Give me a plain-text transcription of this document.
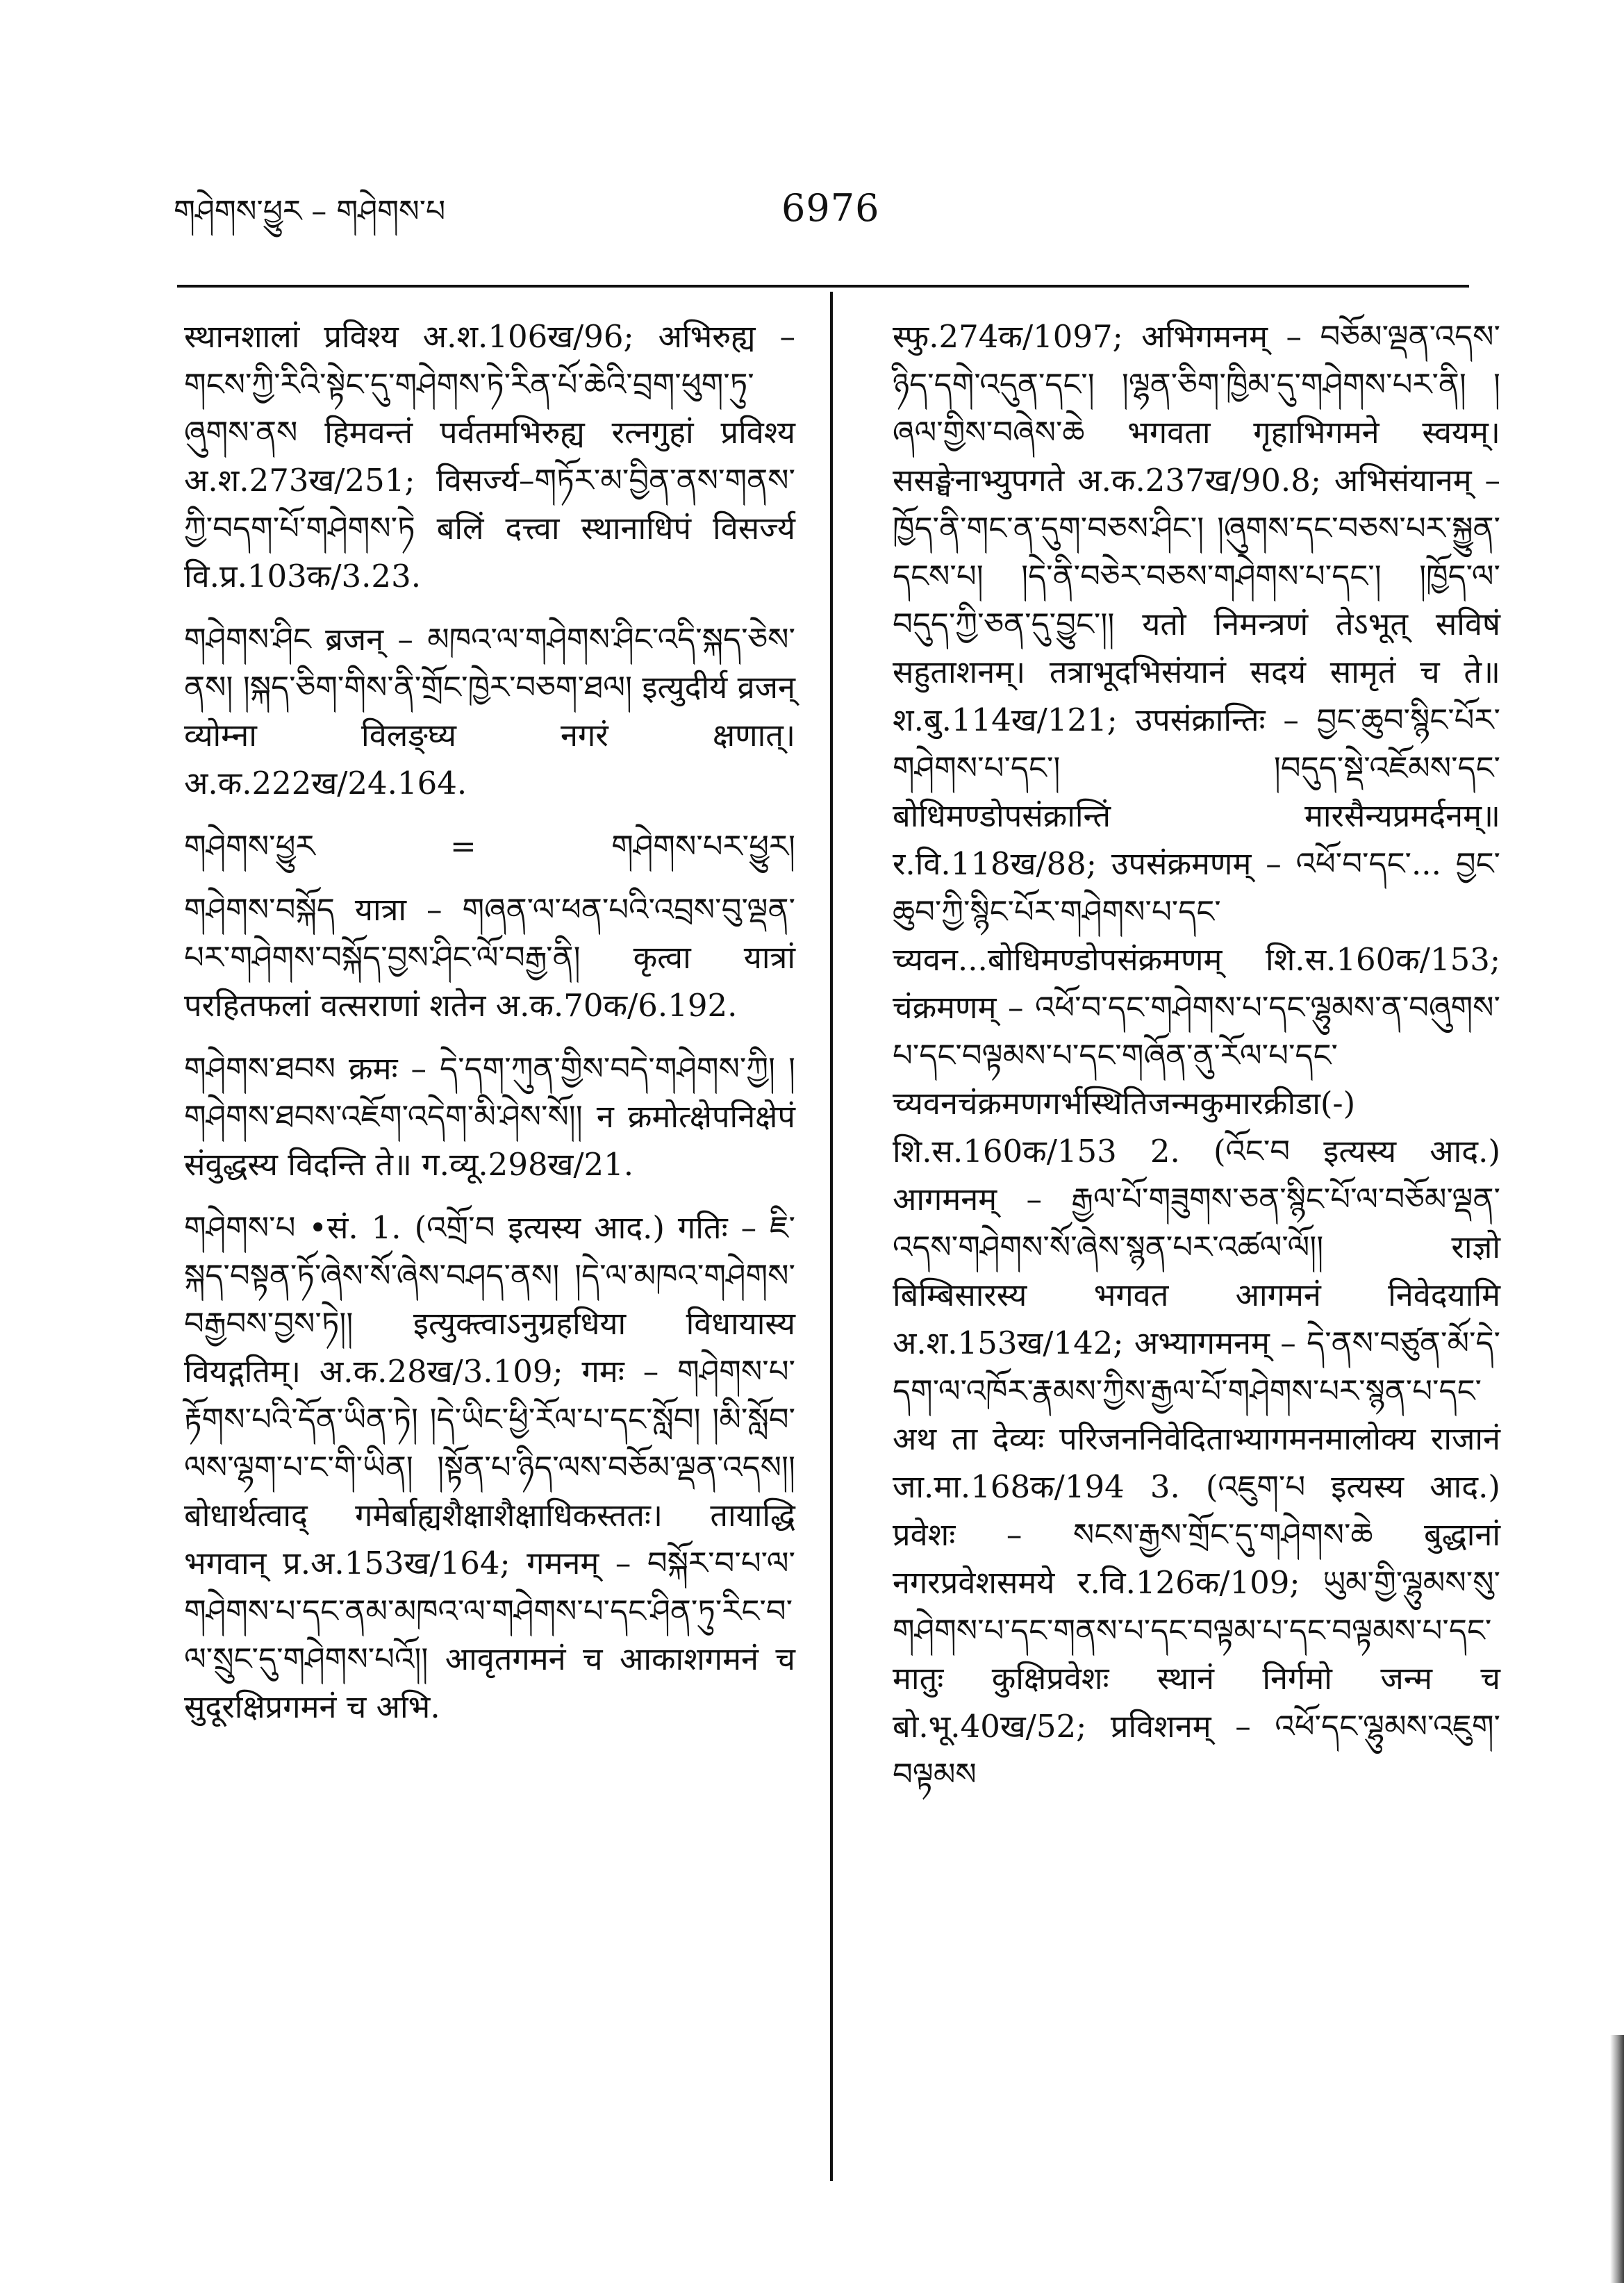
གཤེགས་ཕྱུར – གཤེགས་པ	6976

स्थानशालां प्रविश्य अ.श.106ख/96; अभिरुह्य – གངས་ཀྱི་རིའི་སྟེང་དུ་གཤེགས་ཏེ་རིན་པོ་ཆེའི་བྲག་ཕུག་ཏུ་ཞུགས་ནས हिमवन्तं पर्वतमभिरुह्य रत्नगुहां प्रविश्य अ.श.273ख/251; विसर्ज्य–གཏོར་མ་བྱིན་ནས་གནས་ཀྱི་བདག་པོ་གཤེགས་ཏེ बलिं दत्त्वा स्थानाधिपं विसर्ज्य वि.प्र.103क/3.23.

གཤེགས་ཤིང ब्रजन् – མཁའ་ལ་གཤེགས་ཤིང་འདི་སྐད་ཅེས་ནས། །སྐད་ཅིག་གིས་ནི་གྲོང་ཁྱེར་བཅག་ཐལ། इत्युदीर्य व्रजन् व्योम्ना विलङ्घ्य नगरं क्षणात्। अ.क.222ख/24.164.

གཤེགས་ཕྱུར	=	གཤེགས་པར་ཕྱུར།

གཤེགས་བསྐོད यात्रा – གཞན་ལ་ཕན་པའི་འབྲས་བུ་ལྡན་པར་གཤེགས་བསྐོད་བྱས་ཤིང་ལོ་བརྒྱ་ནི། कृत्वा यात्रां परहितफलां वत्सराणां शतेन अ.क.70क/6.192.

གཤེགས་ཐབས क्रमः – དེ་དག་ཀུན་གྱིས་བདེ་གཤེགས་ཀྱི། །གཤེགས་ཐབས་འཇོག་འདེག་མི་ཤེས་སོ།། न क्रमोत्क्षेपनिक्षेपं संवुद्धस्य विदन्ति ते॥ ग.व्यू.298ख/21.

གཤེགས་པ •सं. 1. (འགྲོ་བ इत्यस्य आद.) गतिः – ཇི་སྐད་བསྟན་ཏོ་ཞེས་སོ་ཞེས་བཤད་ནས། །དེ་ལ་མཁའ་གཤེགས་བརྒྱབས་བྱས་ཏེ།། इत्युक्त्वाऽनुग्रहधिया विधायास्य वियद्गतिम्। अ.क.28ख/3.109; गमः – གཤེགས་པ་རྟོགས་པའི་དོན་ཡིན་ཏེ། །དེ་ཡིང་ཕྱི་རོལ་པ་དང་སློབ། །མི་སློབ་ལས་ལྷག་པ་ང་གི་ཡིན། །སྟོན་པ་ཉིད་ལས་བཅོམ་ལྡན་འདས།། बोधार्थत्वाद् गमेर्बाह्यशैक्षाशैक्षाधिकस्ततः। तायाद्धि भगवान् प्र.अ.153ख/164; गमनम् – བསྐོར་བ་པ་ལ་གཤེགས་པ་དང་ནམ་མཁའ་ལ་གཤེགས་པ་དང་ཤིན་ཏུ་རིང་བ་ལ་སྲུང་དུ་གཤེགས་པའོ།། आवृतगमनं च आकाशगमनं च सुदूरक्षिप्रगमनं च अभि.

स्फु.274क/1097; अभिगमनम् – བཅོམ་ལྡན་འདས་ཉིད་དགེ་འདུན་དང་། །ལྷན་ཅིག་ཁྱིམ་དུ་གཤེགས་པར་ནི། །ཞལ་གྱིས་བཞེས་ཆེ भगवता गृहाभिगमने स्वयम्। ससङ्घेनाभ्युपगते अ.क.237ख/90.8; अभिसंयानम् – ཁྱོད་ནི་གང་ན་དུག་བཅས་ཤིང་། །ཞུགས་དང་བཅས་པར་སྐྱུན་དངས་པ། །དེ་ནི་བཅེར་བཅས་གཤེགས་པ་དང་། །ཁྱོད་ལ་བདུད་ཀྱི་ཅན་དུ་བྱུང་།། यतो निमन्त्रणं तेऽभूत् सविषं सहुताशनम्। तत्राभूदभिसंयानं सदयं सामृतं च ते॥ श.बु.114ख/121; उपसंक्रान्तिः – བྱང་ཆུབ་སྙིང་པོར་གཤེགས་པ་དང་། །བདུད་སྡེ་འཇོམས་དང་ बोधिमण्डोपसंक्रान्तिं मारसैन्यप्रमर्दनम्॥ र.वि.118ख/88; उपसंक्रमणम् – འཕོ་བ་དང་... བྱང་ཆུབ་ཀྱི་སྙིང་པོར་གཤེགས་པ་དང་ च्यवन...बोधिमण्डोपसंक्रमणम् शि.स.160क/153; चंक्रमणम् – འཕོ་བ་དང་གཤེགས་པ་དང་ལྷུམས་ན་བཞུགས་པ་དང་བལྟམས་པ་དང་གཞོན་ནུ་རོལ་པ་དང་ च्यवनचंक्रमणगर्भस्थितिजन्मकुमारक्रीडा(-) शि.स.160क/153 2. (འོང་བ इत्यस्य आद.) आगमनम् – རྒྱལ་པོ་གཟུགས་ཅན་སྙིང་པོ་ལ་བཅོམ་ལྡན་འདས་གཤེགས་སོ་ཞེས་སྙན་པར་འཚལ་ལོ།། राज्ञो बिम्बिसारस्य भगवत आगमनं निवेदयामि अ.श.153ख/142; अभ्यागमनम् – དེ་ནས་བཙུན་མོ་དེ་དག་ལ་འཁོར་རྣམས་ཀྱིས་རྒྱལ་པོ་གཤེགས་པར་སྙན་པ་དང་ अथ ता देव्यः परिजननिवेदिताभ्यागमनमालोक्य राजानं जा.मा.168क/194 3. (འཇུག་པ इत्यस्य आद.) प्रवेशः – སངས་རྒྱས་གྲོང་དུ་གཤེགས་ཆེ बुद्धानां नगरप्रवेशसमये र.वि.126क/109; ཡུམ་གྱི་ལྷུམས་སུ་གཤེགས་པ་དང་གནས་པ་དང་བལྟམ་པ་དང་བལྟམས་པ་དང་ मातुः कुक्षिप्रवेशः स्थानं निर्गमो जन्म च बो.भू.40ख/52; प्रविशनम् – འཕོ་དང་ལྷུམས་འཇུག་བལྟམས
